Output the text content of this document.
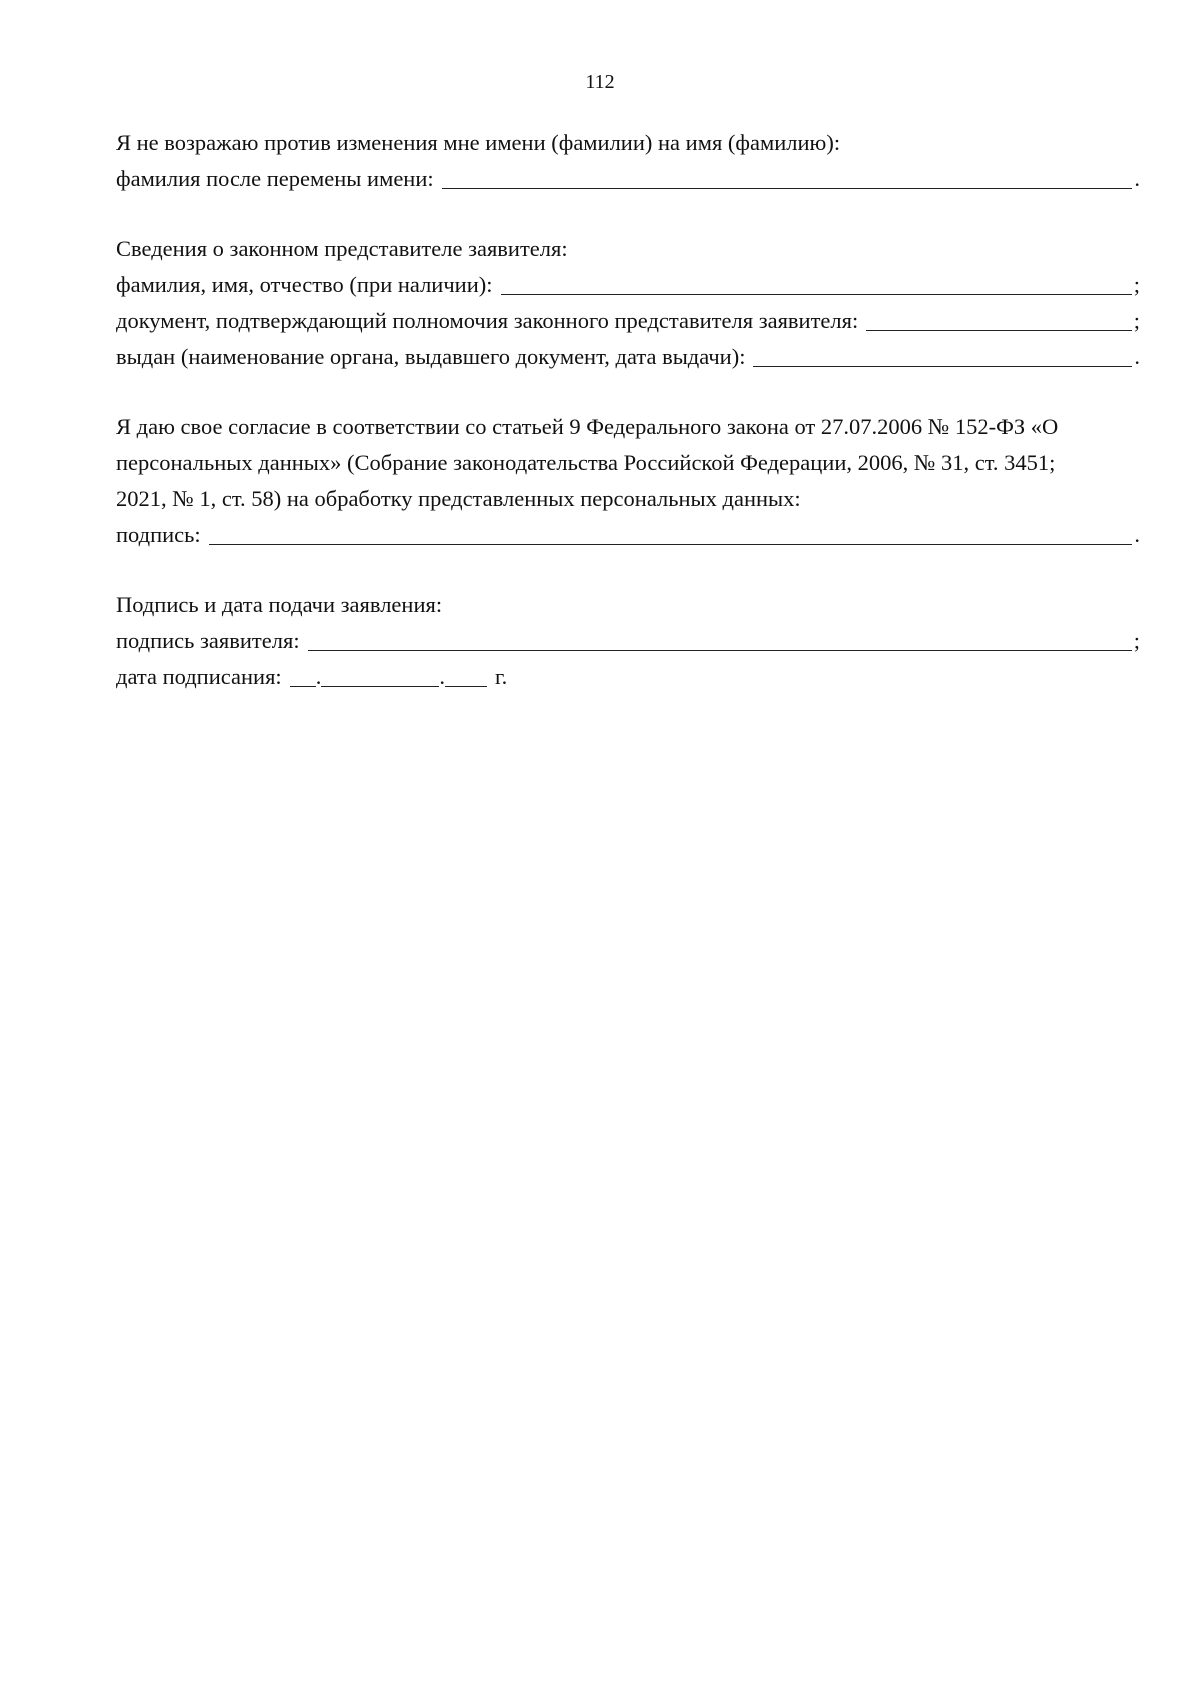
112
Я не возражаю против изменения мне имени (фамилии) на имя (фамилию):
фамилия после перемены имени:	.
Сведения о законном представителе заявителя:
фамилия, имя, отчество (при наличии):	;
документ, подтверждающий полномочия законного представителя заявителя:	;
выдан (наименование органа, выдавшего документ, дата выдачи):	.
Я даю свое согласие в соответствии со статьей 9 Федерального закона от 27.07.2006 № 152-ФЗ «О
персональных данных» (Собрание законодательства Российской Федерации, 2006, № 31, ст. 3451;
2021, № 1, ст. 58) на обработку представленных персональных данных:
подпись:	.
Подпись и дата подачи заявления:
подпись заявителя:	;
дата подписания: .	. г.
